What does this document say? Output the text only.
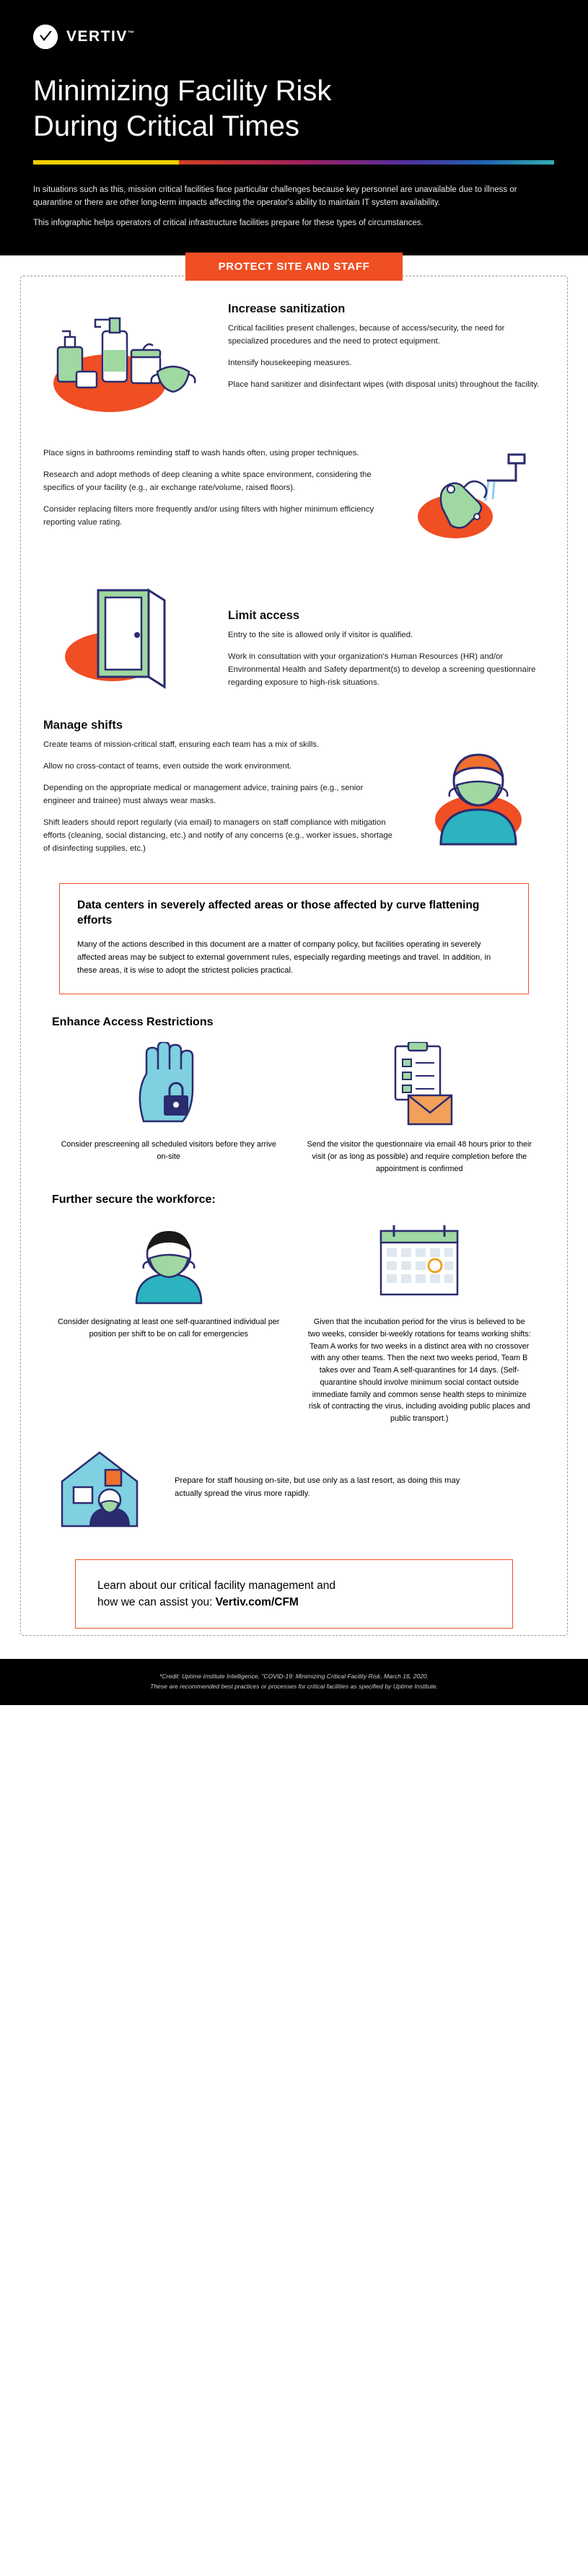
VERTIV™
Minimizing Facility Risk
During Critical Times

In situations such as this, mission critical facilities face particular challenges because key personnel are unavailable due to illness or quarantine or there are other long-term impacts affecting the operator's ability to maintain IT system availability.

This infographic helps operators of critical infrastructure facilities prepare for these types of circumstances.

PROTECT SITE AND STAFF
Increase sanitization

Critical facilities present challenges, because of access/security, the need for specialized procedures and the need to protect equipment.

Intensify housekeeping measures.

Place hand sanitizer and disinfectant wipes (with disposal units) throughout the facility.

Place signs in bathrooms reminding staff to wash hands often, using proper techniques.

Research and adopt methods of deep cleaning a white space environment, considering the specifics of your facility (e.g., air exchange rate/volume, raised floors).

Consider replacing filters more frequently and/or using filters with higher minimum efficiency reporting value rating.

Limit access

Entry to the site is allowed only if visitor is qualified.

Work in consultation with your organization's Human Resources (HR) and/or Environmental Health and Safety department(s) to develop a screening questionnaire regarding exposure to high-risk situations.

Manage shifts

Create teams of mission-critical staff, ensuring each team has a mix of skills.

Allow no cross-contact of teams, even outside the work environment.

Depending on the appropriate medical or management advice, training pairs (e.g., senior engineer and trainee) must always wear masks.

Shift leaders should report regularly (via email) to managers on staff compliance with mitigation efforts (cleaning, social distancing, etc.) and notify of any concerns (e.g., worker issues, shortage of disinfecting supplies, etc.)

Data centers in severely affected areas or those affected by curve flattening efforts

Many of the actions described in this document are a matter of company policy, but facilities operating in severely affected areas may be subject to external government rules, especially regarding meetings and travel. In addition, in these areas, it is wise to adopt the strictest policies practical.

Enhance Access Restrictions

Consider prescreening all scheduled visitors before they arrive on-site

Send the visitor the questionnaire via email 48 hours prior to their visit (or as long as possible) and require completion before the appointment is confirmed

Further secure the workforce:

Consider designating at least one self-quarantined individual per position per shift to be on call for emergencies

Given that the incubation period for the virus is believed to be two weeks, consider bi-weekly rotations for teams working shifts: Team A works for two weeks in a distinct area with no crossover with any other teams. Then the next two weeks period, Team B takes over and Team A self-quarantines for 14 days. (Self-quarantine should involve minimum social contact outside immediate family and common sense health steps to minimize risk of contracting the virus, including avoiding public places and public transport.)

Prepare for staff housing on-site, but use only as a last resort, as doing this may actually spread the virus more rapidly.
Learn about our critical facility management and
how we can assist you: Vertiv.com/CFM
*Credit: Uptime Institute Intelligence, "COVID-19: Minimizing Critical Facility Risk, March 16, 2020.
These are recommended best practices or processes for critical facilities as specified by Uptime Institute.
